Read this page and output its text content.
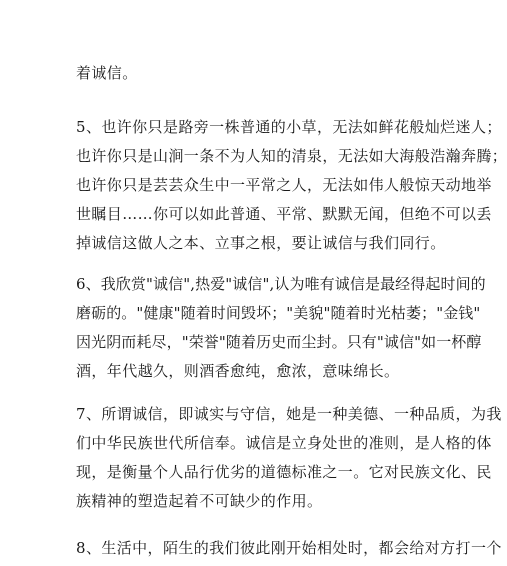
着诚信。

5、也许你只是路旁一株普通的小草，无法如鲜花般灿烂迷人；

也许你只是山涧一条不为人知的清泉，无法如大海般浩瀚奔腾；

也许你只是芸芸众生中一平常之人，无法如伟人般惊天动地举

世瞩目……你可以如此普通、平常、默默无闻，但绝不可以丢

掉诚信这做人之本、立事之根，要让诚信与我们同行。

6、我欣赏"诚信",热爱"诚信",认为唯有诚信是最经得起时间的

磨砺的。"健康"随着时间毁坏；"美貌"随着时光枯萎；"金钱"

因光阴而耗尽，"荣誉"随着历史而尘封。只有"诚信"如一杯醇

酒，年代越久，则酒香愈纯，愈浓，意味绵长。

7、所谓诚信，即诚实与守信，她是一种美德、一种品质，为我

们中华民族世代所信奉。诚信是立身处世的准则，是人格的体

现，是衡量个人品行优劣的道德标准之一。它对民族文化、民

族精神的塑造起着不可缺少的作用。

8、生活中，陌生的我们彼此刚开始相处时，都会给对方打一个
